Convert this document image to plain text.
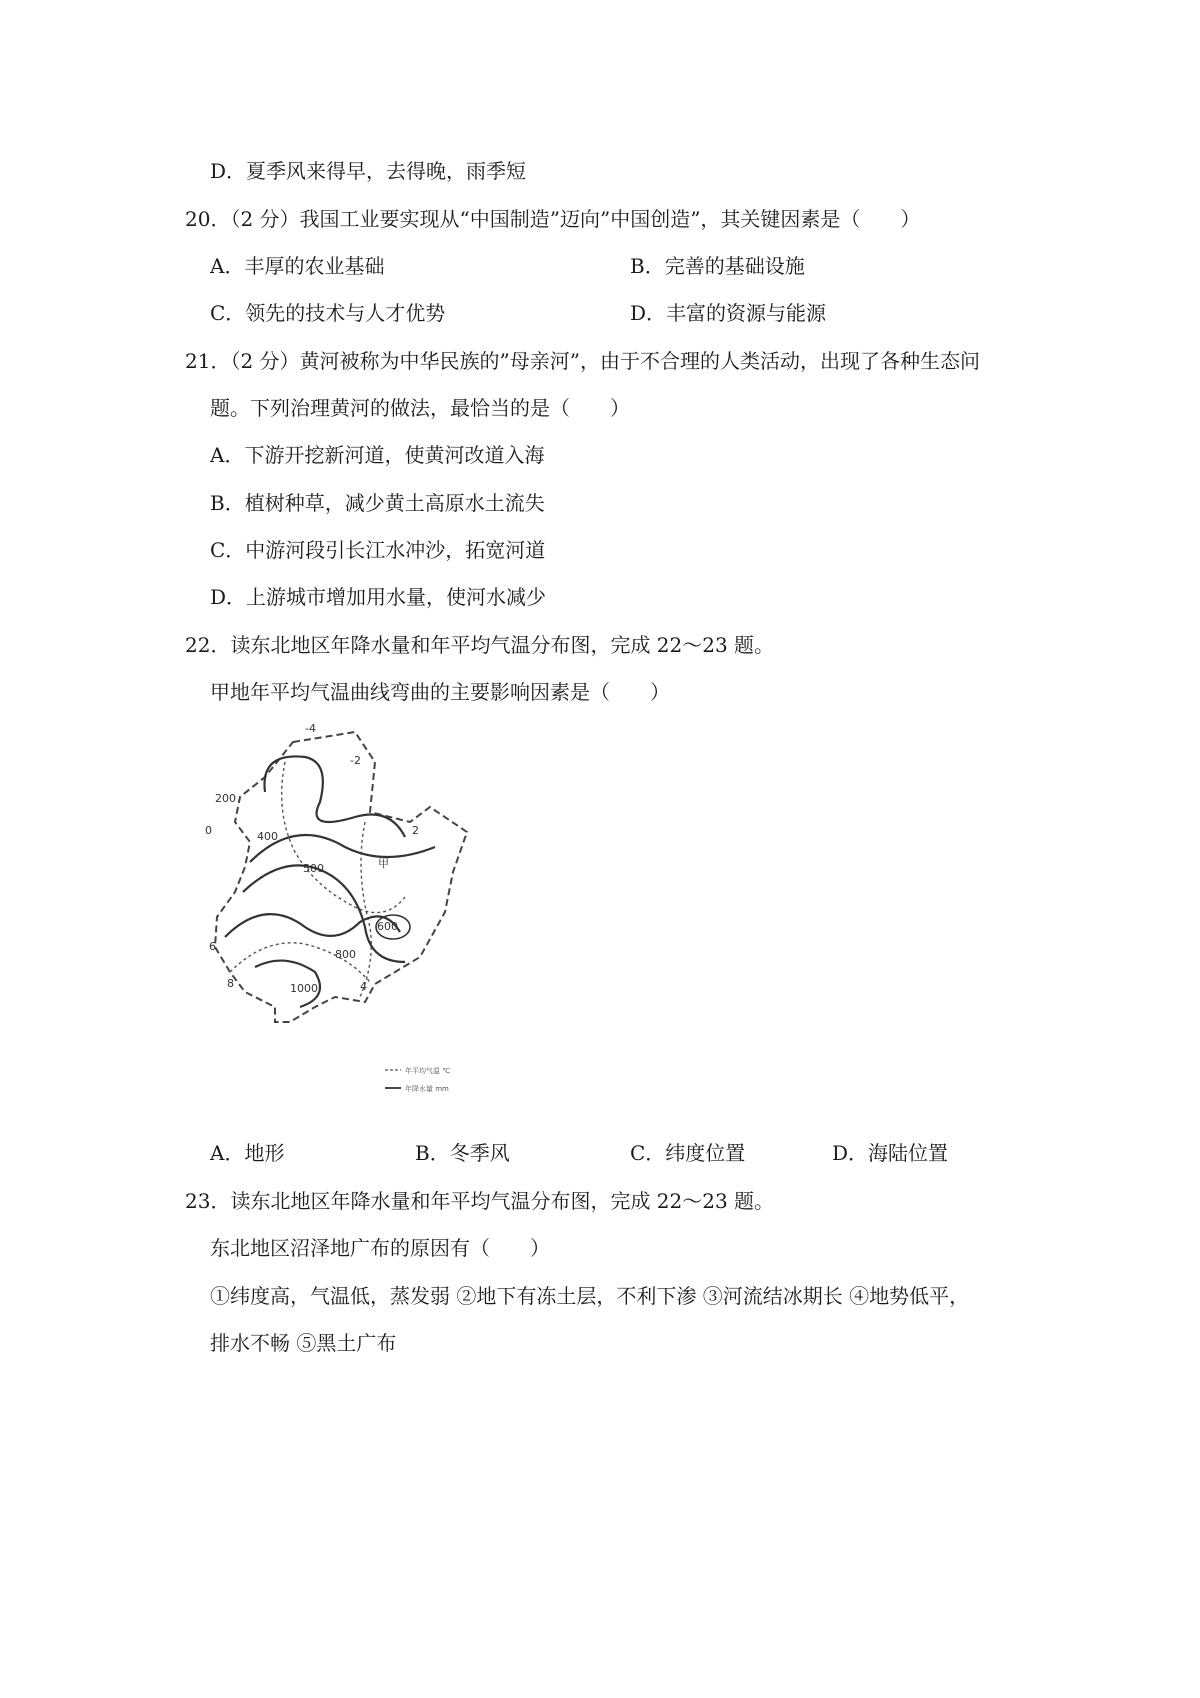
D．夏季风来得早，去得晚，雨季短
20．（2 分）我国工业要实现从“中国制造”迈向”中国创造”，其关键因素是（　　）
A．丰厚的农业基础	B．完善的基础设施
C．领先的技术与人才优势	D．丰富的资源与能源
21．（2 分）黄河被称为中华民族的”母亲河”，由于不合理的人类活动，出现了各种生态问
题。下列治理黄河的做法，最恰当的是（　　）
A．下游开挖新河道，使黄河改道入海
B．植树种草，减少黄土高原水土流失
C．中游河段引长江水冲沙，拓宽河道
D．上游城市增加用水量，使河水减少
22．读东北地区年降水量和年平均气温分布图，完成 22～23 题。
甲地年平均气温曲线弯曲的主要影响因素是（　　）
甲
-4
-2
0	2
4
6
8
200
400
500
600
800
1000
年平均气温 ℃
年降水量 mm
A．地形	B．冬季风	C．纬度位置	D．海陆位置
23．读东北地区年降水量和年平均气温分布图，完成 22～23 题。
东北地区沼泽地广布的原因有（　　）
①纬度高，气温低，蒸发弱 ②地下有冻土层，不利下渗 ③河流结冰期长 ④地势低平，
排水不畅 ⑤黑土广布
